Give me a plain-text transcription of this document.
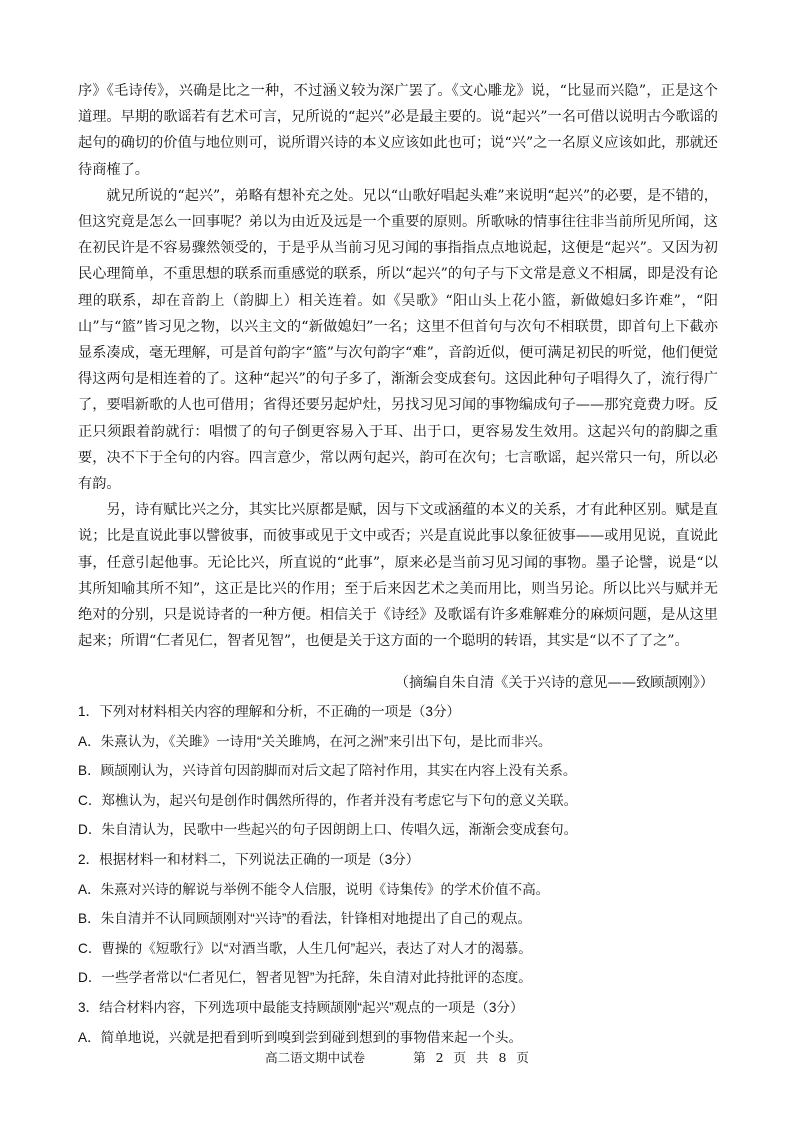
序》《毛诗传》，兴确是比之一种，不过涵义较为深广罢了。《文心雕龙》说，“比显而兴隐”，正是这个道理。早期的歌谣若有艺术可言，兄所说的“起兴”必是最主要的。说“起兴”一名可借以说明古今歌谣的起句的确切的价值与地位则可，说所谓兴诗的本义应该如此也可；说“兴”之一名原义应该如此，那就还待商榷了。

就兄所说的“起兴”，弟略有想补充之处。兄以“山歌好唱起头难”来说明“起兴”的必要，是不错的，但这究竟是怎么一回事呢？弟以为由近及远是一个重要的原则。所歌咏的情事往往非当前所见所闻，这在初民许是不容易骤然领受的，于是乎从当前习见习闻的事指指点点地说起，这便是“起兴”。又因为初民心理简单，不重思想的联系而重感觉的联系，所以“起兴”的句子与下文常是意义不相属，即是没有论理的联系，却在音韵上（韵脚上）相关连着。如《吴歌》“阳山头上花小篮，新做媳妇多许难”，“阳山”与“篮”皆习见之物，以兴主文的“新做媳妇”一名；这里不但首句与次句不相联贯，即首句上下截亦显系凑成，毫无理解，可是首句韵字“篮”与次句韵字“难”，音韵近似，便可满足初民的听觉，他们便觉得这两句是相连着的了。这种“起兴”的句子多了，渐渐会变成套句。这因此种句子唱得久了，流行得广了，要唱新歌的人也可借用；省得还要另起炉灶，另找习见习闻的事物编成句子——那究竟费力呀。反正只须跟着韵就行：唱惯了的句子倒更容易入于耳、出于口，更容易发生效用。这起兴句的韵脚之重要，决不下于全句的内容。四言意少，常以两句起兴，韵可在次句；七言歌谣，起兴常只一句，所以必有韵。

另，诗有赋比兴之分，其实比兴原都是赋，因与下文或涵蕴的本义的关系，才有此种区别。赋是直说；比是直说此事以譬彼事，而彼事或见于文中或否；兴是直说此事以象征彼事——或用见说，直说此事，任意引起他事。无论比兴，所直说的“此事”，原来必是当前习见习闻的事物。墨子论譬，说是“以其所知喻其所不知”，这正是比兴的作用；至于后来因艺术之美而用比，则当另论。所以比兴与赋并无绝对的分别，只是说诗者的一种方便。相信关于《诗经》及歌谣有许多难解难分的麻烦问题，是从这里起来；所谓“仁者见仁，智者见智”，也便是关于这方面的一个聪明的转语，其实是“以不了了之”。

（摘编自朱自清《关于兴诗的意见——致顾颉刚》）
1．下列对材料相关内容的理解和分析，不正确的一项是（3分）
A．朱熹认为，《关雎》一诗用“关关雎鸠，在河之洲”来引出下句，是比而非兴。
B．顾颉刚认为，兴诗首句因韵脚而对后文起了陪衬作用，其实在内容上没有关系。
C．郑樵认为，起兴句是创作时偶然所得的，作者并没有考虑它与下句的意义关联。
D．朱自清认为，民歌中一些起兴的句子因朗朗上口、传唱久远，渐渐会变成套句。
2．根据材料一和材料二，下列说法正确的一项是（3分）
A．朱熹对兴诗的解说与举例不能令人信服，说明《诗集传》的学术价值不高。
B．朱自清并不认同顾颉刚对“兴诗”的看法，针锋相对地提出了自己的观点。
C．曹操的《短歌行》以“对酒当歌，人生几何”起兴，表达了对人才的渴慕。
D．一些学者常以“仁者见仁，智者见智”为托辞，朱自清对此持批评的态度。
3．结合材料内容，下列选项中最能支持顾颉刚“起兴”观点的一项是（3分）
A．简单地说，兴就是把看到听到嗅到尝到碰到想到的事物借来起一个头。
高二语文期中试卷	第 2 页 共 8 页
